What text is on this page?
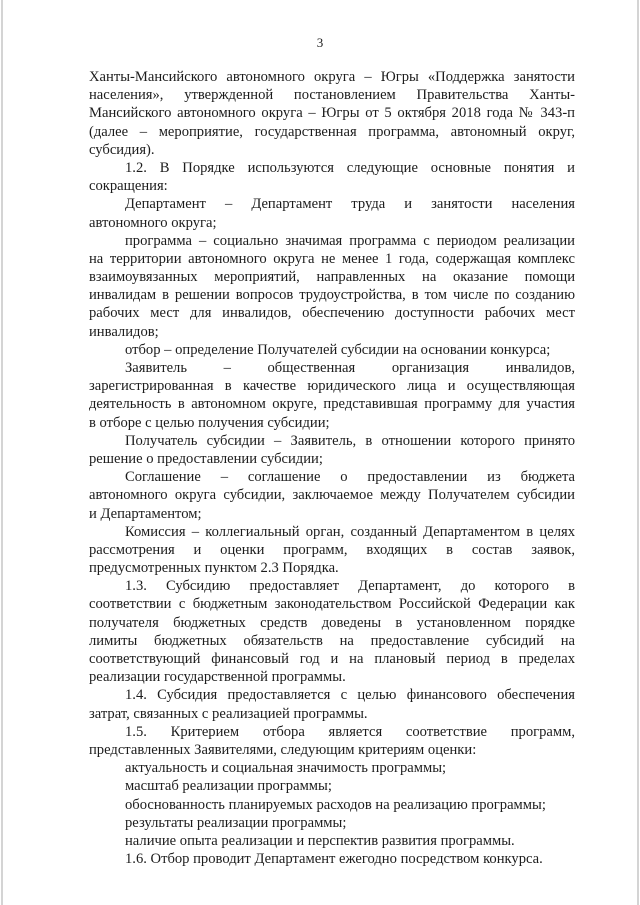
3
Ханты-Мансийского автономного округа – Югры «Поддержка занятости
населения», утвержденной постановлением Правительства Ханты-
Мансийского автономного округа – Югры от 5 октября 2018 года № 343-п
(далее – мероприятие, государственная программа, автономный округ,
субсидия).
1.2. В Порядке используются следующие основные понятия и
сокращения:
Департамент – Департамент труда и занятости населения
автономного округа;
программа – социально значимая программа с периодом реализации
на территории автономного округа не менее 1 года, содержащая комплекс
взаимоувязанных мероприятий, направленных на оказание помощи
инвалидам в решении вопросов трудоустройства, в том числе по созданию
рабочих мест для инвалидов, обеспечению доступности рабочих мест
инвалидов;
отбор – определение Получателей субсидии на основании конкурса;
Заявитель – общественная организация инвалидов,
зарегистрированная в качестве юридического лица и осуществляющая
деятельность в автономном округе, представившая программу для участия
в отборе с целью получения субсидии;
Получатель субсидии – Заявитель, в отношении которого принято
решение о предоставлении субсидии;
Соглашение – соглашение о предоставлении из бюджета
автономного округа субсидии, заключаемое между Получателем субсидии
и Департаментом;
Комиссия – коллегиальный орган, созданный Департаментом в целях
рассмотрения и оценки программ, входящих в состав заявок,
предусмотренных пунктом 2.3 Порядка.
1.3. Субсидию предоставляет Департамент, до которого в
соответствии с бюджетным законодательством Российской Федерации как
получателя бюджетных средств доведены в установленном порядке
лимиты бюджетных обязательств на предоставление субсидий на
соответствующий финансовый год и на плановый период в пределах
реализации государственной программы.
1.4. Субсидия предоставляется с целью финансового обеспечения
затрат, связанных с реализацией программы.
1.5. Критерием отбора является соответствие программ,
представленных Заявителями, следующим критериям оценки:
актуальность и социальная значимость программы;
масштаб реализации программы;
обоснованность планируемых расходов на реализацию программы;
результаты реализации программы;
наличие опыта реализации и перспектив развития программы.
1.6. Отбор проводит Департамент ежегодно посредством конкурса.
